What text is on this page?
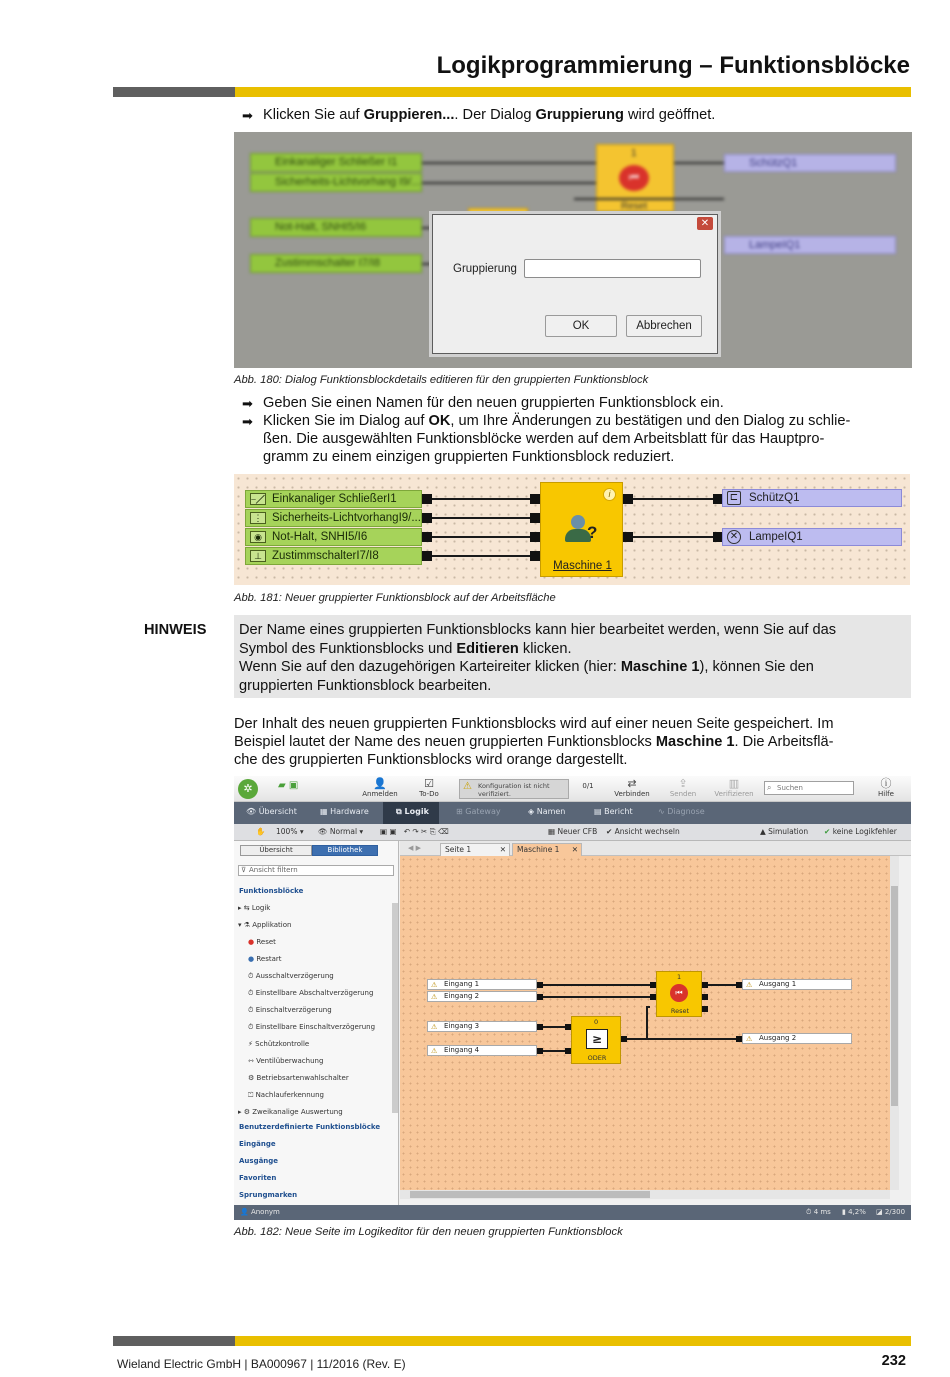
Logikprogrammierung – Funktionsblöcke
➡ Klicken Sie auf Gruppieren.... Der Dialog Gruppierung wird geöffnet.
Einkanaliger Schließer I1
Sicherheits-Lichtvorhang I9/...
Not-Halt, SNHI5/I6
Zustimmschalter I7/I8
1
⏮
Reset
SchützQ1
LampeIQ1
✕
Gruppierung
OK	Abbrechen
Abb. 180: Dialog Funktionsblockdetails editieren für den gruppierten Funktionsblock
➡ Geben Sie einen Namen für den neuen gruppierten Funktionsblock ein.
➡ Klicken Sie im Dialog auf OK, um Ihre Änderungen zu bestätigen und den Dialog zu schlie-
ßen. Die ausgewählten Funktionsblöcke werden auf dem Arbeitsblatt für das Hauptpro-
gramm zu einem einzigen gruppierten Funktionsblock reduziert.
⎯╱ Einkanaliger SchließerI1
⋮ Sicherheits-LichtvorhangI9/...
◉ Not-Halt, SNHI5/I6
⊥ ZustimmschalterI7/I8
i
?
Maschine 1
⊏ SchützQ1
✕ LampeIQ1
Abb. 181: Neuer gruppierter Funktionsblock auf der Arbeitsfläche
HINWEIS Der Name eines gruppierten Funktionsblocks kann hier bearbeitet werden, wenn Sie auf das
Symbol des Funktionsblocks und Editieren klicken.
Wenn Sie auf den dazugehörigen Karteireiter klicken (hier: Maschine 1), können Sie den
gruppierten Funktionsblock bearbeiten.
Der Inhalt des neuen gruppierten Funktionsblocks wird auf einer neuen Seite gespeichert. Im
Beispiel lautet der Name des neuen gruppierten Funktionsblocks Maschine 1. Die Arbeitsflä-
che des gruppierten Funktionsblocks wird orange dargestellt.
✲	▰ ▣	👤
Anmelden
☑
To-Do
⚠ Konfiguration ist nicht verifiziert.
0/1	⇄
Verbinden
⇪
Senden
▥
Verifizieren
⌕ Suchen	ⓘ
Hilfe
👁 Übersicht	▦ Hardware	⧉ Logik	⊞ Gateway	◈ Namen	▤ Bericht	∿ Diagnose
✋ 100% ▾ 👁 Normal ▾ ▣ ▣   ↶ ↷ ✂ ⎘ ⌫	▦ Neuer CFB ✔ Ansicht wechseln	▲ Simulation ✔ keine Logikfehler
Übersicht	Bibliothek
⊽ Ansicht filtern
Funktionsblöcke
▸ ⇆ Logik
▾ ⚗ Applikation
● Reset
● Restart
⏱ Ausschaltverzögerung
⏱ Einstellbare Abschaltverzögerung
⏱ Einschaltverzögerung
⏱ Einstellbare Einschaltverzögerung
⚡ Schützkontrolle
⇿ Ventilüberwachung
⚙ Betriebsartenwahlschalter
⏍ Nachlauferkennung
▸ ⚙ Zweikanalige Auswertung
Benutzerdefinierte Funktionsblöcke
Eingänge
Ausgänge
Favoriten
Sprungmarken
◀ ▶	Seite 1	✕	Maschine 1 ✕
⚠ Eingang 1
⚠ Eingang 2
⚠ Eingang 3
⚠ Eingang 4
1
⏮
Reset
0
≥
ODER
⚠ Ausgang 1
⚠ Ausgang 2
👤 Anonym	⏱ 4 ms ▮ 4,2% ◪ 2/300
Abb. 182: Neue Seite im Logikeditor für den neuen gruppierten Funktionsblock
Wieland Electric GmbH | BA000967 | 11/2016 (Rev. E)	232
